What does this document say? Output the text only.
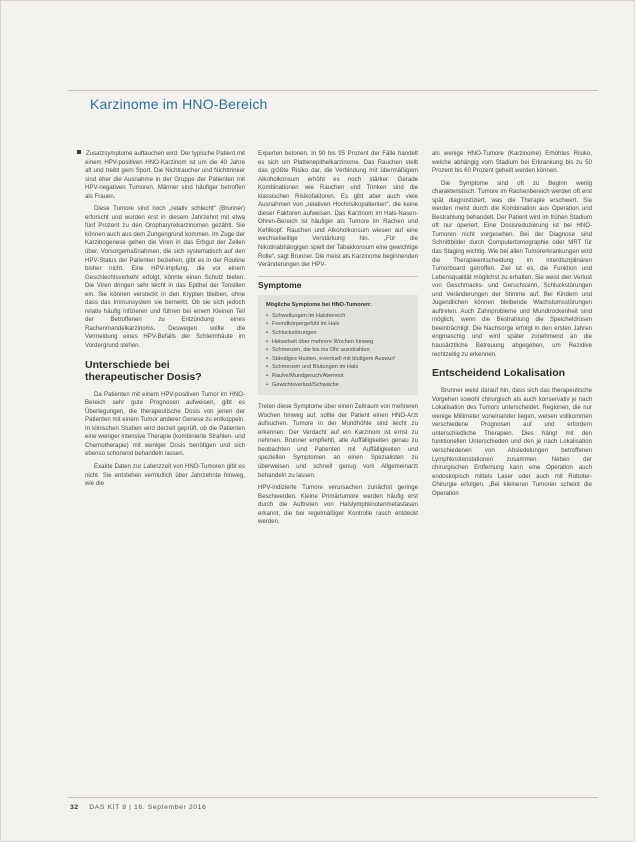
Karzinome im HNO-Bereich

Zusatzsymptome auftauchen wird. Der typische Patient mit einem HPV-positiven HNO-Karzinom ist um die 40 Jahre alt und treibt gern Sport. Die Nichtraucher und Nichttrinker sind eher die Ausnahme in der Gruppe der Patienten mit HPV-negativen Tumoren. Männer sind häufiger betroffen als Frauen.

Diese Tumore sind noch „relativ schlecht“ (Brunner) erforscht und wurden erst in diesem Jahrzehnt mit etwa fünf Prozent zu den Oropharynxkarzinomen gezählt. Sie können auch aus dem Zungengrund kommen. Im Zuge der Karzinogenese gehen die Viren in das Erbgut der Zellen über. Vorsorgemaßnahmen, die sich systematisch auf den HPV-Status der Patienten beziehen, gibt es in der Routine bisher nicht. Eine HPV-Impfung, die vor einem Geschlechtsverkehr erfolgt, könnte einen Schutz bieten. Die Viren dringen sehr leicht in das Epithel der Tonsillen ein. Sie können versteckt in den Krypten bleiben, ohne dass das Immunsystem sie bemerkt. Ob sie sich jedoch relativ häufig infizieren und führen bei einem Kleinen Teil der Betroffenen zu Entzündung eines Rachenmandelkarzinoms. Deswegen sollte die Vermeidung eines HPV-Befalls der Schleimhäute im Vordergrund stehen.

Unterschiede bei therapeutischer Dosis?

Da Patienten mit einem HPV-positiven Tumor im HNO-Bereich sehr gute Prognosen aufweisen, gibt es Überlegungen, die therapeutische Dosis von jenen der Patienten mit einem Tumor anderer Genese zu entkoppeln. In klinischen Studien wird derzeit geprüft, ob die Patienten eine weniger intensive Therapie (kombinierte Strahlen- und Chemotherapie) mit weniger Dosis benötigen und sich ebenso schonend behandeln lassen.

Exakte Daten zur Latenzzeit von HNO-Tumoren gibt es nicht. Sie entstehen vermutlich über Jahrzehnte hinweg, wie die

Experten betonen. In 90 bis 95 Prozent der Fälle handelt es sich um Plattenepithelkarzinome. Das Rauchen stellt das größte Risiko dar, die Verbindung mit übermäßigem Alkoholkonsum erhöht es noch stärker. Gerade Kombinationen wie Rauchen und Trinken sind die klassischen Risikofaktoren. Es gibt aber auch viele Ausnahmen von „relativen Hochrisikopatienten“, die keine dieser Faktoren aufweisen. Das Karzinom im Hals-Nasen-Ohren-Bereich ist häufiger als Tumore im Rachen und Kehlkopf. Rauchen und Alkoholkonsum wiesen auf eine wechselseitige Verstärkung hin. „Für die Nikotinabhängigen spielt der Tabakkonsum eine gewichtige Rolle“, sagt Brunner. Die meist als Karzinome beginnenden Veränderungen der HPV-

Symptome
Mögliche Symptome bei HNO-Tumoren:
• Schwellungen im Halsbereich
• Fremdkörpergefühl im Hals
• Schluckstörungen
• Heiserkeit über mehrere Wochen hinweg
• Schmerzen, die bis ins Ohr ausstrahlen
• Ständiges Husten, eventuell mit blutigem Auswurf
• Schmerzen und Blutungen im Hals
• Rauhe/Mundgeruch/Atemnot
• Gewichtsverlust/Schwäche

Treten diese Symptome über einen Zeitraum von mehreren Wochen hinweg auf, sollte der Patient einen HNO-Arzt aufsuchen. Tumore in der Mundhöhle sind leicht zu erkennen. Der Verdacht auf ein Karzinom ist ernst zu nehmen. Brunner empfiehlt, alle Auffälligkeiten genau zu beobachten und Patienten mit Auffälligkeiten und speziellen Symptomen an einen Spezialisten zu überweisen und schnell genug vom Allgemeinarzt behandeln zu lassen.

HPV-indizierte Tumore verursachen zunächst geringe Beschwerden. Kleine Primärtumore werden häufig erst durch die Auftreten von Halslymphknotenmetastasen erkannt, die bei regelmäßiger Kontrolle rasch entdeckt werden.

als wenige HNO-Tumore (Karzinome) Erhöhtes Risiko, welche abhängig vom Stadium bei Erkrankung bis zu 50 Prozent bis 60 Prozent geheilt werden können.

Die Symptome sind oft zu Beginn wenig charakteristisch. Tumore im Rachenbereich werden oft erst spät diagnostiziert, was die Therapie erschwert. Sie werden meist durch die Kombination aus Operation und Bestrahlung behandelt. Der Patient wird im frühen Stadium oft nur operiert. Eine Dosisreduzierung ist bei HNO-Tumoren nicht vorgesehen. Bei der Diagnose sind Schnittbilder durch Computertomographie oder MRT für das Staging wichtig. Wie bei allen Tumorerkrankungen wird die Therapieentscheidung im interdisziplinären Tumorboard getroffen. Ziel ist es, die Funktion und Lebensqualität möglichst zu erhalten. Sie weist den Verlust von Geschmacks- und Geruchssinn, Schluckstörungen und Veränderungen der Stimme auf. Bei Kindern und Jugendlichen können bleibende Wachstumsstörungen auftreten. Auch Zahnprobleme und Mundtrockenheit sind möglich, wenn die Bestrahlung die Speicheldrüsen beeinträchtigt. Die Nachsorge erfolgt in den ersten Jahren engmaschig und wird später zunehmend an die hausärztliche Betreuung abgegeben, um Rezidive rechtzeitig zu erkennen.

Entscheidend Lokalisation

Brunner weist darauf hin, dass sich das therapeutische Vorgehen sowohl chirurgisch als auch konservativ je nach Lokalisation des Tumors unterscheidet. Regionen, die nur wenige Millimeter voneinander liegen, weisen vollkommen verschiedene Prognosen auf und erfordern unterschiedliche Therapien. Dies hängt mit den funktionellen Unterschieden und den je nach Lokalisation verschiedenen von Absiedelungen betroffenen Lymphknotenstationen zusammen. Neben der chirurgischen Entfernung kann eine Operation auch endoskopisch mittels Laser oder auch mit Roboter-Chirurgie erfolgen. „Bei kleineren Tumoren scheint die Operation

32 DAS KIT 8 | 16. September 2016
